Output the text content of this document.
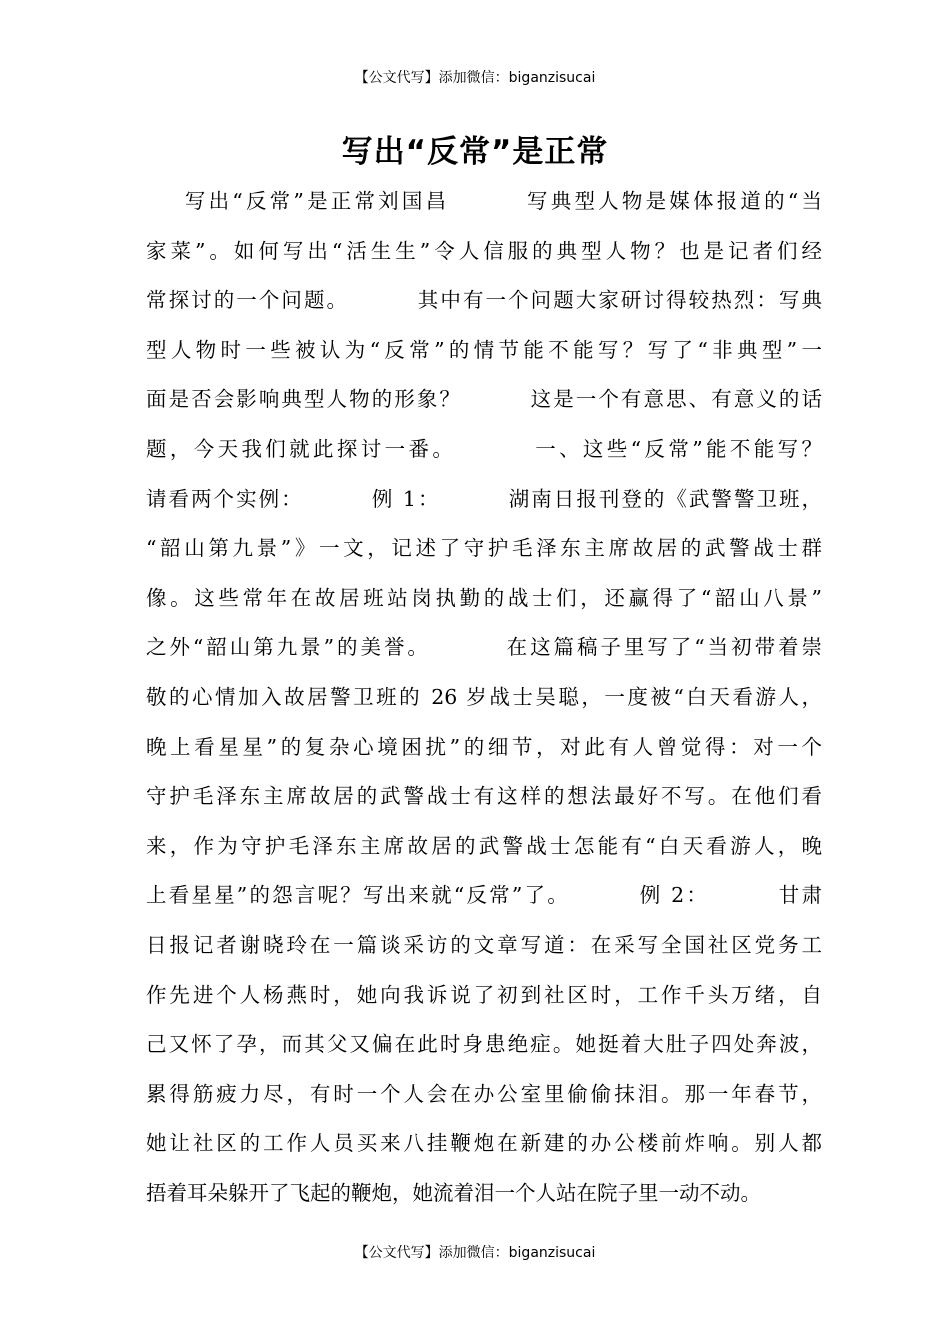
【公文代写】添加微信：biganzisucai
写出“反常”是正常
写出“反常”是正常刘国昌        写典型人物是媒体报道的“当
家菜”。如何写出“活生生”令人信服的典型人物？也是记者们经
常探讨的一个问题。        其中有一个问题大家研讨得较热烈：写典
型人物时一些被认为“反常”的情节能不能写？写了“非典型”一
面是否会影响典型人物的形象？        这是一个有意思、有意义的话
题，今天我们就此探讨一番。        一、这些“反常”能不能写？
请看两个实例：        例 1：        湖南日报刊登的《武警警卫班，
“韶山第九景”》一文，记述了守护毛泽东主席故居的武警战士群
像。这些常年在故居班站岗执勤的战士们，还赢得了“韶山八景”
之外“韶山第九景”的美誉。        在这篇稿子里写了“当初带着崇
敬的心情加入故居警卫班的 26 岁战士吴聪，一度被“白天看游人，
晚上看星星”的复杂心境困扰”的细节，对此有人曾觉得：对一个
守护毛泽东主席故居的武警战士有这样的想法最好不写。在他们看
来，作为守护毛泽东主席故居的武警战士怎能有“白天看游人，晚
上看星星”的怨言呢？写出来就“反常”了。        例 2：        甘肃
日报记者谢晓玲在一篇谈采访的文章写道：在采写全国社区党务工
作先进个人杨燕时，她向我诉说了初到社区时，工作千头万绪，自
己又怀了孕，而其父又偏在此时身患绝症。她挺着大肚子四处奔波，
累得筋疲力尽，有时一个人会在办公室里偷偷抹泪。那一年春节，
她让社区的工作人员买来八挂鞭炮在新建的办公楼前炸响。别人都
捂着耳朵躲开了飞起的鞭炮，她流着泪一个人站在院子里一动不动。
【公文代写】添加微信：biganzisucai
